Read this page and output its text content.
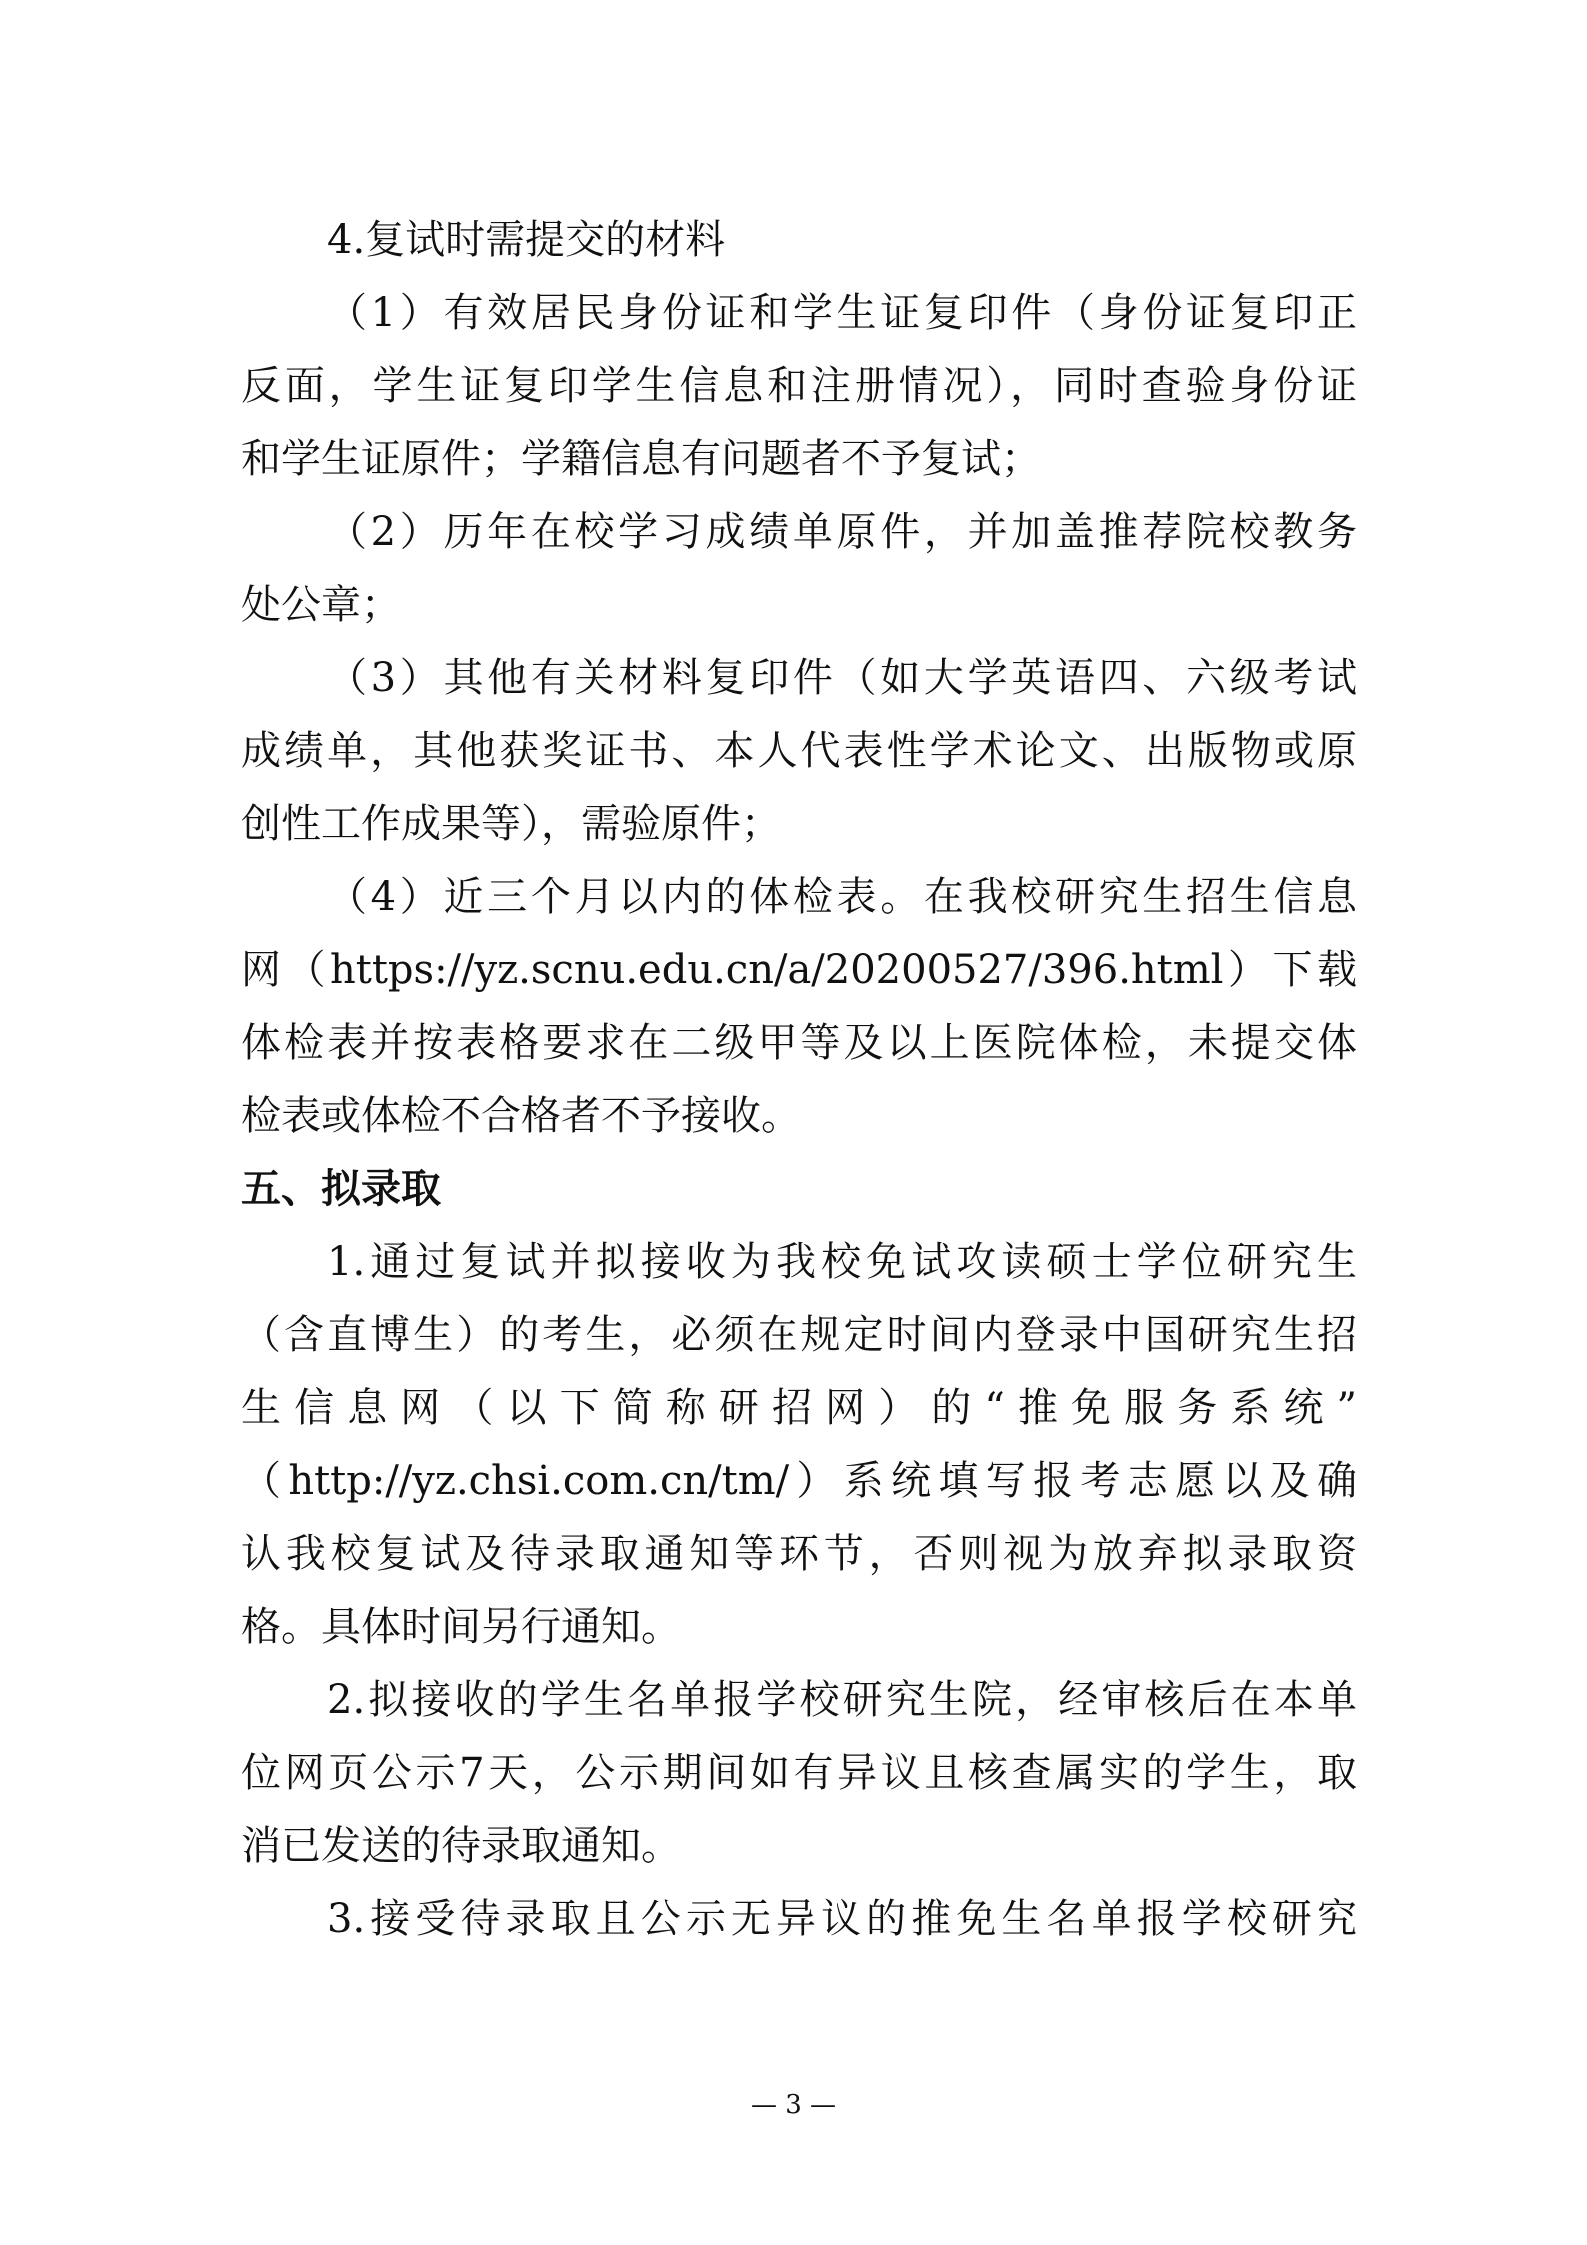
4.复试时需提交的材料
（1）有效居民身份证和学生证复印件（身份证复印正
反面，学生证复印学生信息和注册情况），同时查验身份证
和学生证原件；学籍信息有问题者不予复试；
（2）历年在校学习成绩单原件，并加盖推荐院校教务
处公章；
（3）其他有关材料复印件（如大学英语四、六级考试
成绩单，其他获奖证书、本人代表性学术论文、出版物或原
创性工作成果等），需验原件；
（4）近三个月以内的体检表。在我校研究生招生信息
网（https://yz.scnu.edu.cn/a/20200527/396.html）下载
体检表并按表格要求在二级甲等及以上医院体检，未提交体
检表或体检不合格者不予接收。
五、拟录取
1.通过复试并拟接收为我校免试攻读硕士学位研究生
（含直博生）的考生，必须在规定时间内登录中国研究生招
生信息网（以下简称研招网）的“推免服务系统”
（http://yz.chsi.com.cn/tm/）系统填写报考志愿以及确
认我校复试及待录取通知等环节，否则视为放弃拟录取资
格。具体时间另行通知。
2.拟接收的学生名单报学校研究生院，经审核后在本单
位网页公示7天，公示期间如有异议且核查属实的学生，取
消已发送的待录取通知。
3.接受待录取且公示无异议的推免生名单报学校研究
— 3 —
